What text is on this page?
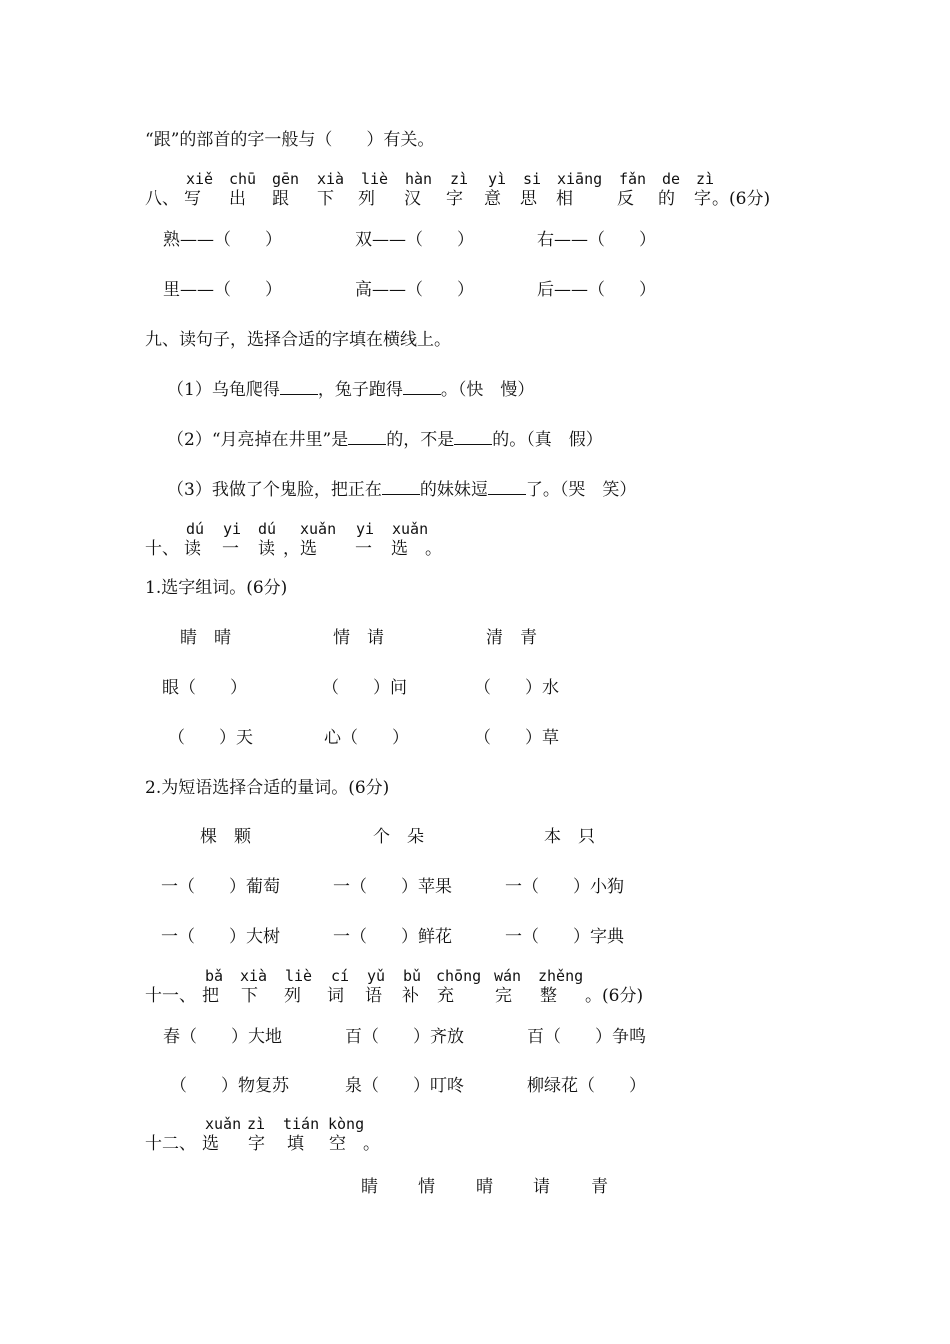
“跟”的部首的字一般与（　　）有关。
八、
xiě chū gēn xià liè hàn zì yì si xiāng fǎn de zì
写 出 跟 下 列 汉 字 意 思 相	反 的 字 。(6分)
熟——（　　）	双——（　　）	右——（　　）
里——（　　）	高——（　　）	后——（　　）
九、读句子，选择合适的字填在横线上。
（1）乌龟爬得 ，兔子跑得 。（快　慢）
（2）“月亮掉在井里”是 的，不是 的。（真　假）
（3）我做了个鬼脸，把正在 的妹妹逗 了。（哭　笑）
十、
dú yi dú xuǎn yi xuǎn
读 一 读 ，选 一 选 。
1.选字组词。(6分)
睛　晴	情　请	清　青
眼（　　）	（　　）问	（　　）水
（　　）天	心（　　）	（　　）草
2.为短语选择合适的量词。(6分)
棵　颗	个　朵	本　只
一（　　）葡萄	一（　　）苹果	一（　　）小狗
一（　　）大树	一（　　）鲜花	一（　　）字典
十一、
bǎ xià liè cí yǔ bǔ chōng wán zhěng
把 下 列 词 语 补 充 完 整 。(6分)
春（　　）大地	百（　　）齐放	百（　　）争鸣
（　　）物复苏	泉（　　）叮咚	柳绿花（　　）
十二、
xuǎn zì tián kòng
选 字 填 空 。
睛 情 晴 请 青
